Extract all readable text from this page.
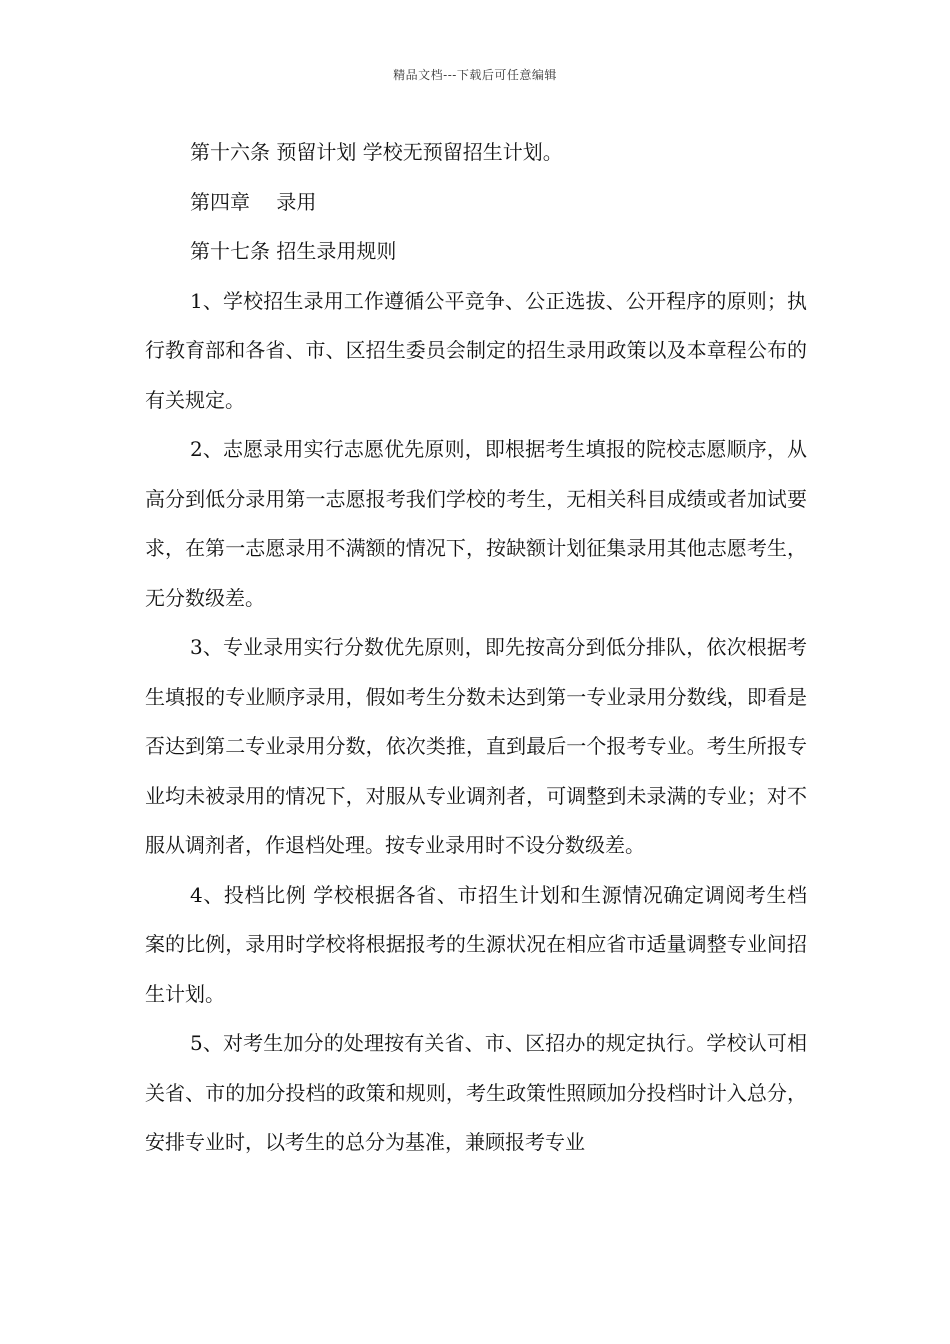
精品文档---下载后可任意编辑

第十六条 预留计划 学校无预留招生计划。

第四章　 录用

第十七条 招生录用规则

1、学校招生录用工作遵循公平竞争、公正选拔、公开程序的原则；执行教育部和各省、市、区招生委员会制定的招生录用政策以及本章程公布的有关规定。

2、志愿录用实行志愿优先原则，即根据考生填报的院校志愿顺序，从高分到低分录用第一志愿报考我们学校的考生，无相关科目成绩或者加试要求，在第一志愿录用不满额的情况下，按缺额计划征集录用其他志愿考生，无分数级差。

3、专业录用实行分数优先原则，即先按高分到低分排队，依次根据考生填报的专业顺序录用，假如考生分数未达到第一专业录用分数线，即看是否达到第二专业录用分数，依次类推，直到最后一个报考专业。考生所报专业均未被录用的情况下，对服从专业调剂者，可调整到未录满的专业；对不服从调剂者，作退档处理。按专业录用时不设分数级差。

4、投档比例 学校根据各省、市招生计划和生源情况确定调阅考生档案的比例，录用时学校将根据报考的生源状况在相应省市适量调整专业间招生计划。

5、对考生加分的处理按有关省、市、区招办的规定执行。学校认可相关省、市的加分投档的政策和规则，考生政策性照顾加分投档时计入总分，安排专业时，以考生的总分为基准，兼顾报考专业
